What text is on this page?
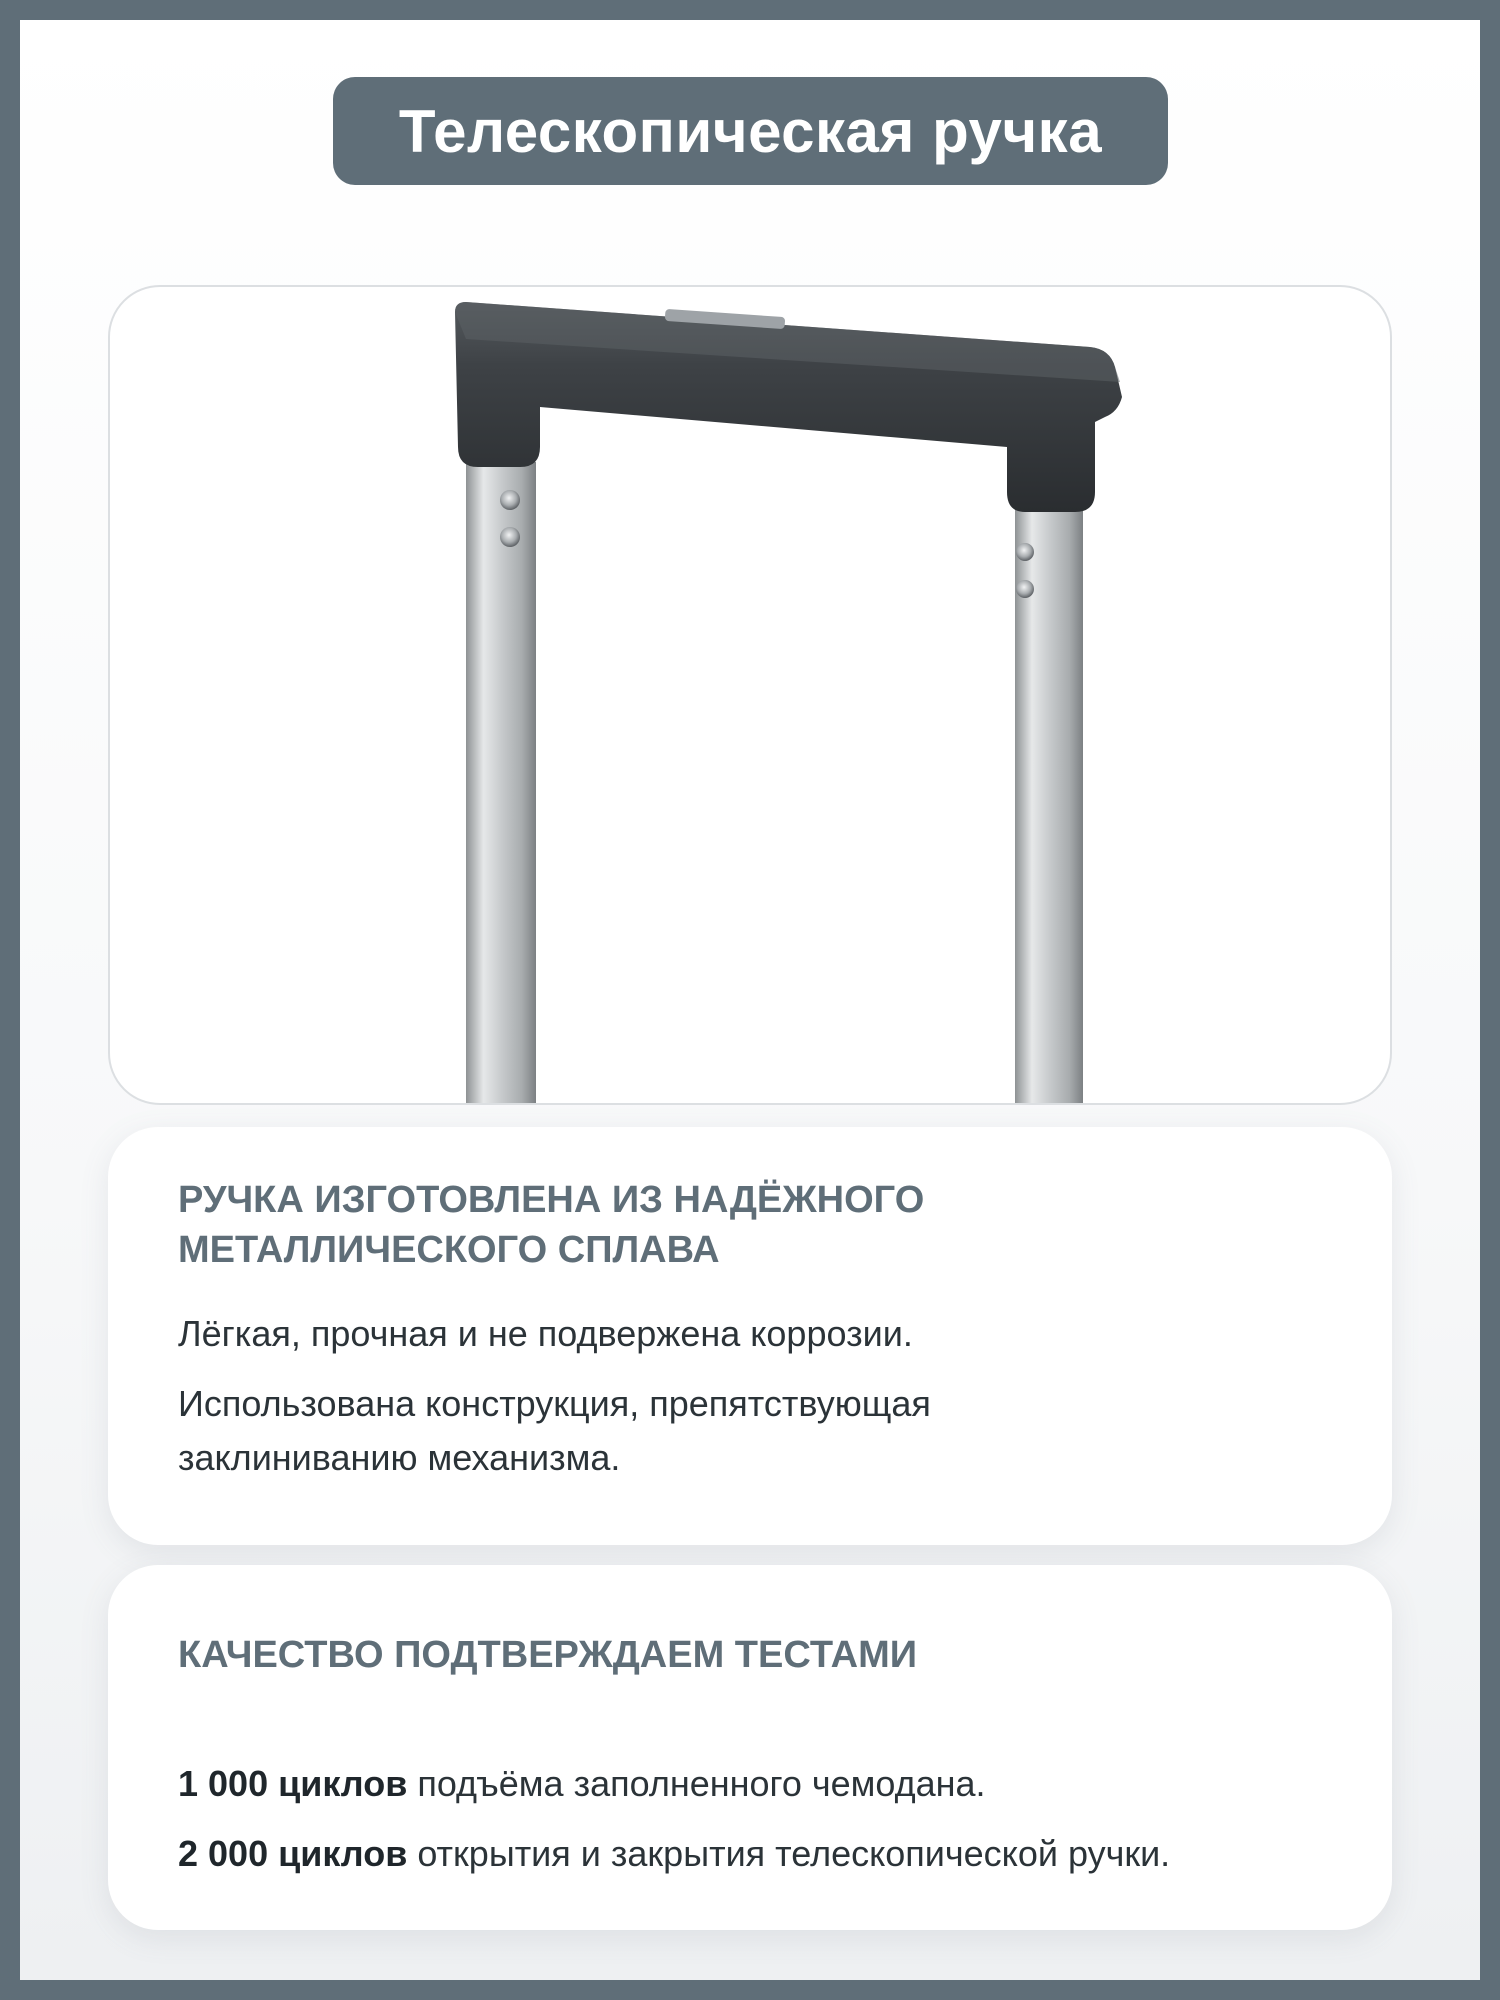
Телескопическая ручка

РУЧКА ИЗГОТОВЛЕНА ИЗ НАДЁЖНОГО
МЕТАЛЛИЧЕСКОГО СПЛАВА

Лёгкая, прочная и не подвержена коррозии.

Использована конструкция, препятствующая
заклиниванию механизма.

КАЧЕСТВО ПОДТВЕРЖДАЕМ ТЕСТАМИ

1 000 циклов подъёма заполненного чемодана.

2 000 циклов открытия и закрытия телескопической ручки.
